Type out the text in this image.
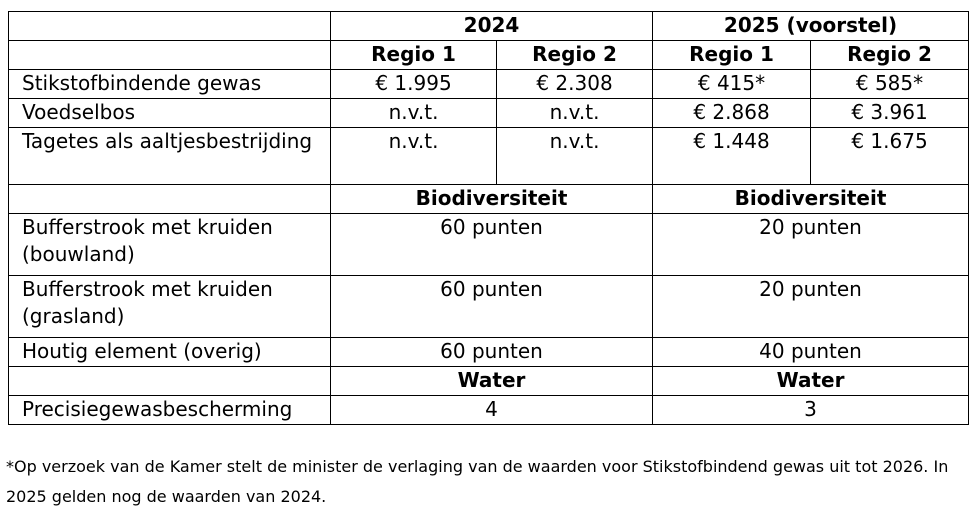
	2024		2025 (voorstel)	
	Regio 1	Regio 2	Regio 1	Regio 2
Stikstofbindende gewas	€ 1.995	€ 2.308	€ 415*	€ 585*
Voedselbos	n.v.t.	n.v.t.	€ 2.868	€ 3.961
Tagetes als aaltjesbestrijding	n.v.t.	n.v.t.	€ 1.448	€ 1.675
	Biodiversiteit		Biodiversiteit	
Bufferstrook met kruiden (bouwland)	60 punten		20 punten	
Bufferstrook met kruiden (grasland)	60 punten		20 punten	
Houtig element (overig)	60 punten		40 punten	
	Water		Water	
Precisiegewasbescherming	4		3	
*Op verzoek van de Kamer stelt de minister de verlaging van de waarden voor Stikstofbindend gewas uit tot 2026. In 2025 gelden nog de waarden van 2024.
